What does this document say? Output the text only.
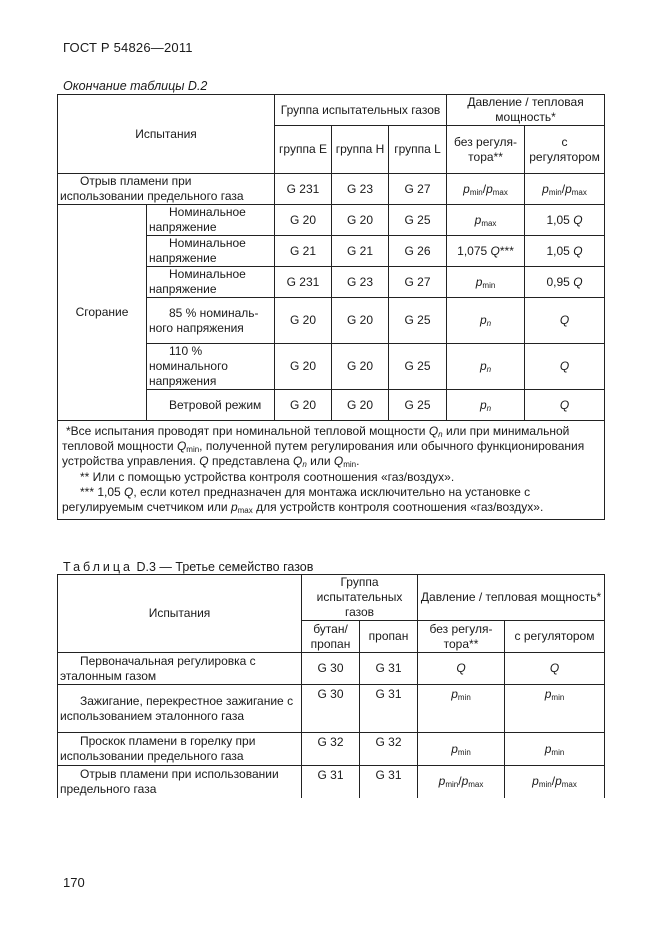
ГОСТ Р 54826—2011
Окончание таблицы D.2
Испытания		Группа испытательных газов			Давление / тепловая мощность*	
		группа E	группа H	группа L	без регуля-тора**	с регулятором
Отрыв пламени при использовании предельного газа		G 231	G 23	G 27	$p_{min}/p_{max}$	$p_{min}/p_{max}$
Сгорание	Номинальное напряжение	G 20	G 20	G 25	$p_{max}$	1,05 Q
	Номинальное напряжение	G 21	G 21	G 26	1,075 Q***	1,05 Q
	Номинальное напряжение	G 231	G 23	G 27	$p_{min}$	0,95 Q
	85 % номиналь-ного напряжения	G 20	G 20	G 25	$p_n$	Q
	110 % номинального напряжения	G 20	G 20	G 25	$p_n$	Q
	Ветровой режим	G 20	G 20	G 25	$p_n$	Q

*Все испытания проводят при номинальной тепловой мощности $Q_n$ или при минимальной тепловой мощности $Q_{min}$, полученной путем регулирования или обычного функционирования устройства управления. Q представлена $Q_n$ или $Q_{min}$.

** Или с помощью устройства контроля соотношения «газ/воздух».

*** 1,05 Q, если котел предназначен для монтажа исключительно на установке с регулируемым счетчиком или $p_{max}$ для устройств контроля соотношения «газ/воздух».						

Таблица D.3 — Третье семейство газов
Испытания	Группа испытательных газов		Давление / тепловая мощность*	
	бутан/ пропан	пропан	без регуля-тора**	с регулятором
Первоначальная регулировка с эталонным газом	G 30	G 31	Q	Q
Зажигание, перекрестное зажигание с использованием эталонного газа	G 30	G 31	$p_{min}$	$p_{min}$
Проскок пламени в горелку при использовании предельного газа	G 32	G 32	$p_{min}$	$p_{min}$
Отрыв пламени при использовании предельного газа	G 31	G 31	$p_{min}/p_{max}$	$p_{min}/p_{max}$
170
